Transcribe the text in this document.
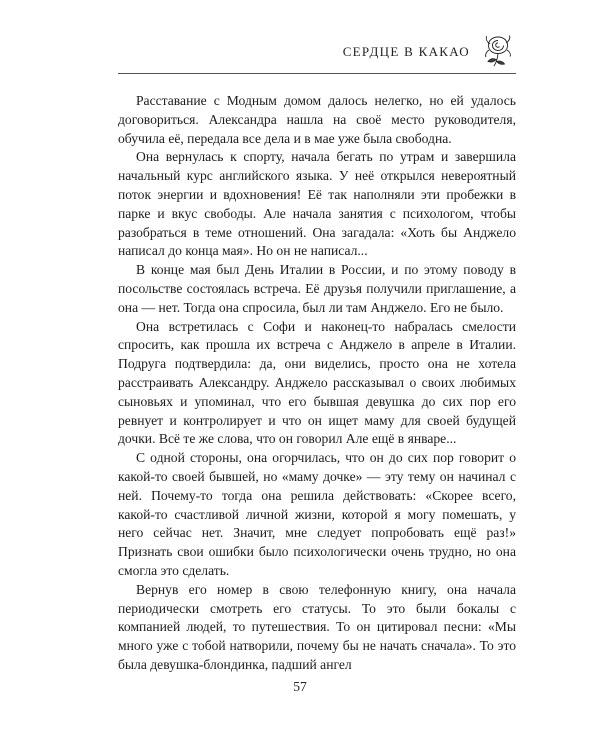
СЕРДЦЕ В КАКАО

Расставание с Модным домом далось нелегко, но ей удалось договориться. Александра нашла на своё место руководителя, обучила её, передала все дела и в мае уже была свободна.

Она вернулась к спорту, начала бегать по утрам и завершила начальный курс английского языка. У неё открылся невероятный поток энергии и вдохновения! Её так наполняли эти пробежки в парке и вкус свободы. Але начала занятия с психологом, чтобы разобраться в теме отношений. Она загадала: «Хоть бы Анджело написал до конца мая». Но он не написал...

В конце мая был День Италии в России, и по этому поводу в посольстве состоялась встреча. Её друзья получили приглашение, а она — нет. Тогда она спросила, был ли там Анджело. Его не было.

Она встретилась с Софи и наконец-то набралась смелости спросить, как прошла их встреча с Анджело в апреле в Италии. Подруга подтвердила: да, они виделись, просто она не хотела расстраивать Александру. Анджело рассказывал о своих любимых сыновьях и упоминал, что его бывшая девушка до сих пор его ревнует и контролирует и что он ищет маму для своей будущей дочки. Всё те же слова, что он говорил Але ещё в январе...

С одной стороны, она огорчилась, что он до сих пор говорит о какой-то своей бывшей, но «маму дочке» — эту тему он начинал с ней. Почему-то тогда она решила действовать: «Скорее всего, какой-то счастливой личной жизни, которой я могу помешать, у него сейчас нет. Значит, мне следует попробовать ещё раз!» Признать свои ошибки было психологически очень трудно, но она смогла это сделать.

Вернув его номер в свою телефонную книгу, она начала периодически смотреть его статусы. То это были бокалы с компанией людей, то путешествия. То он цитировал песни: «Мы много уже с тобой натворили, почему бы не начать сначала». То это была девушка-блондинка, падший ангел

57
